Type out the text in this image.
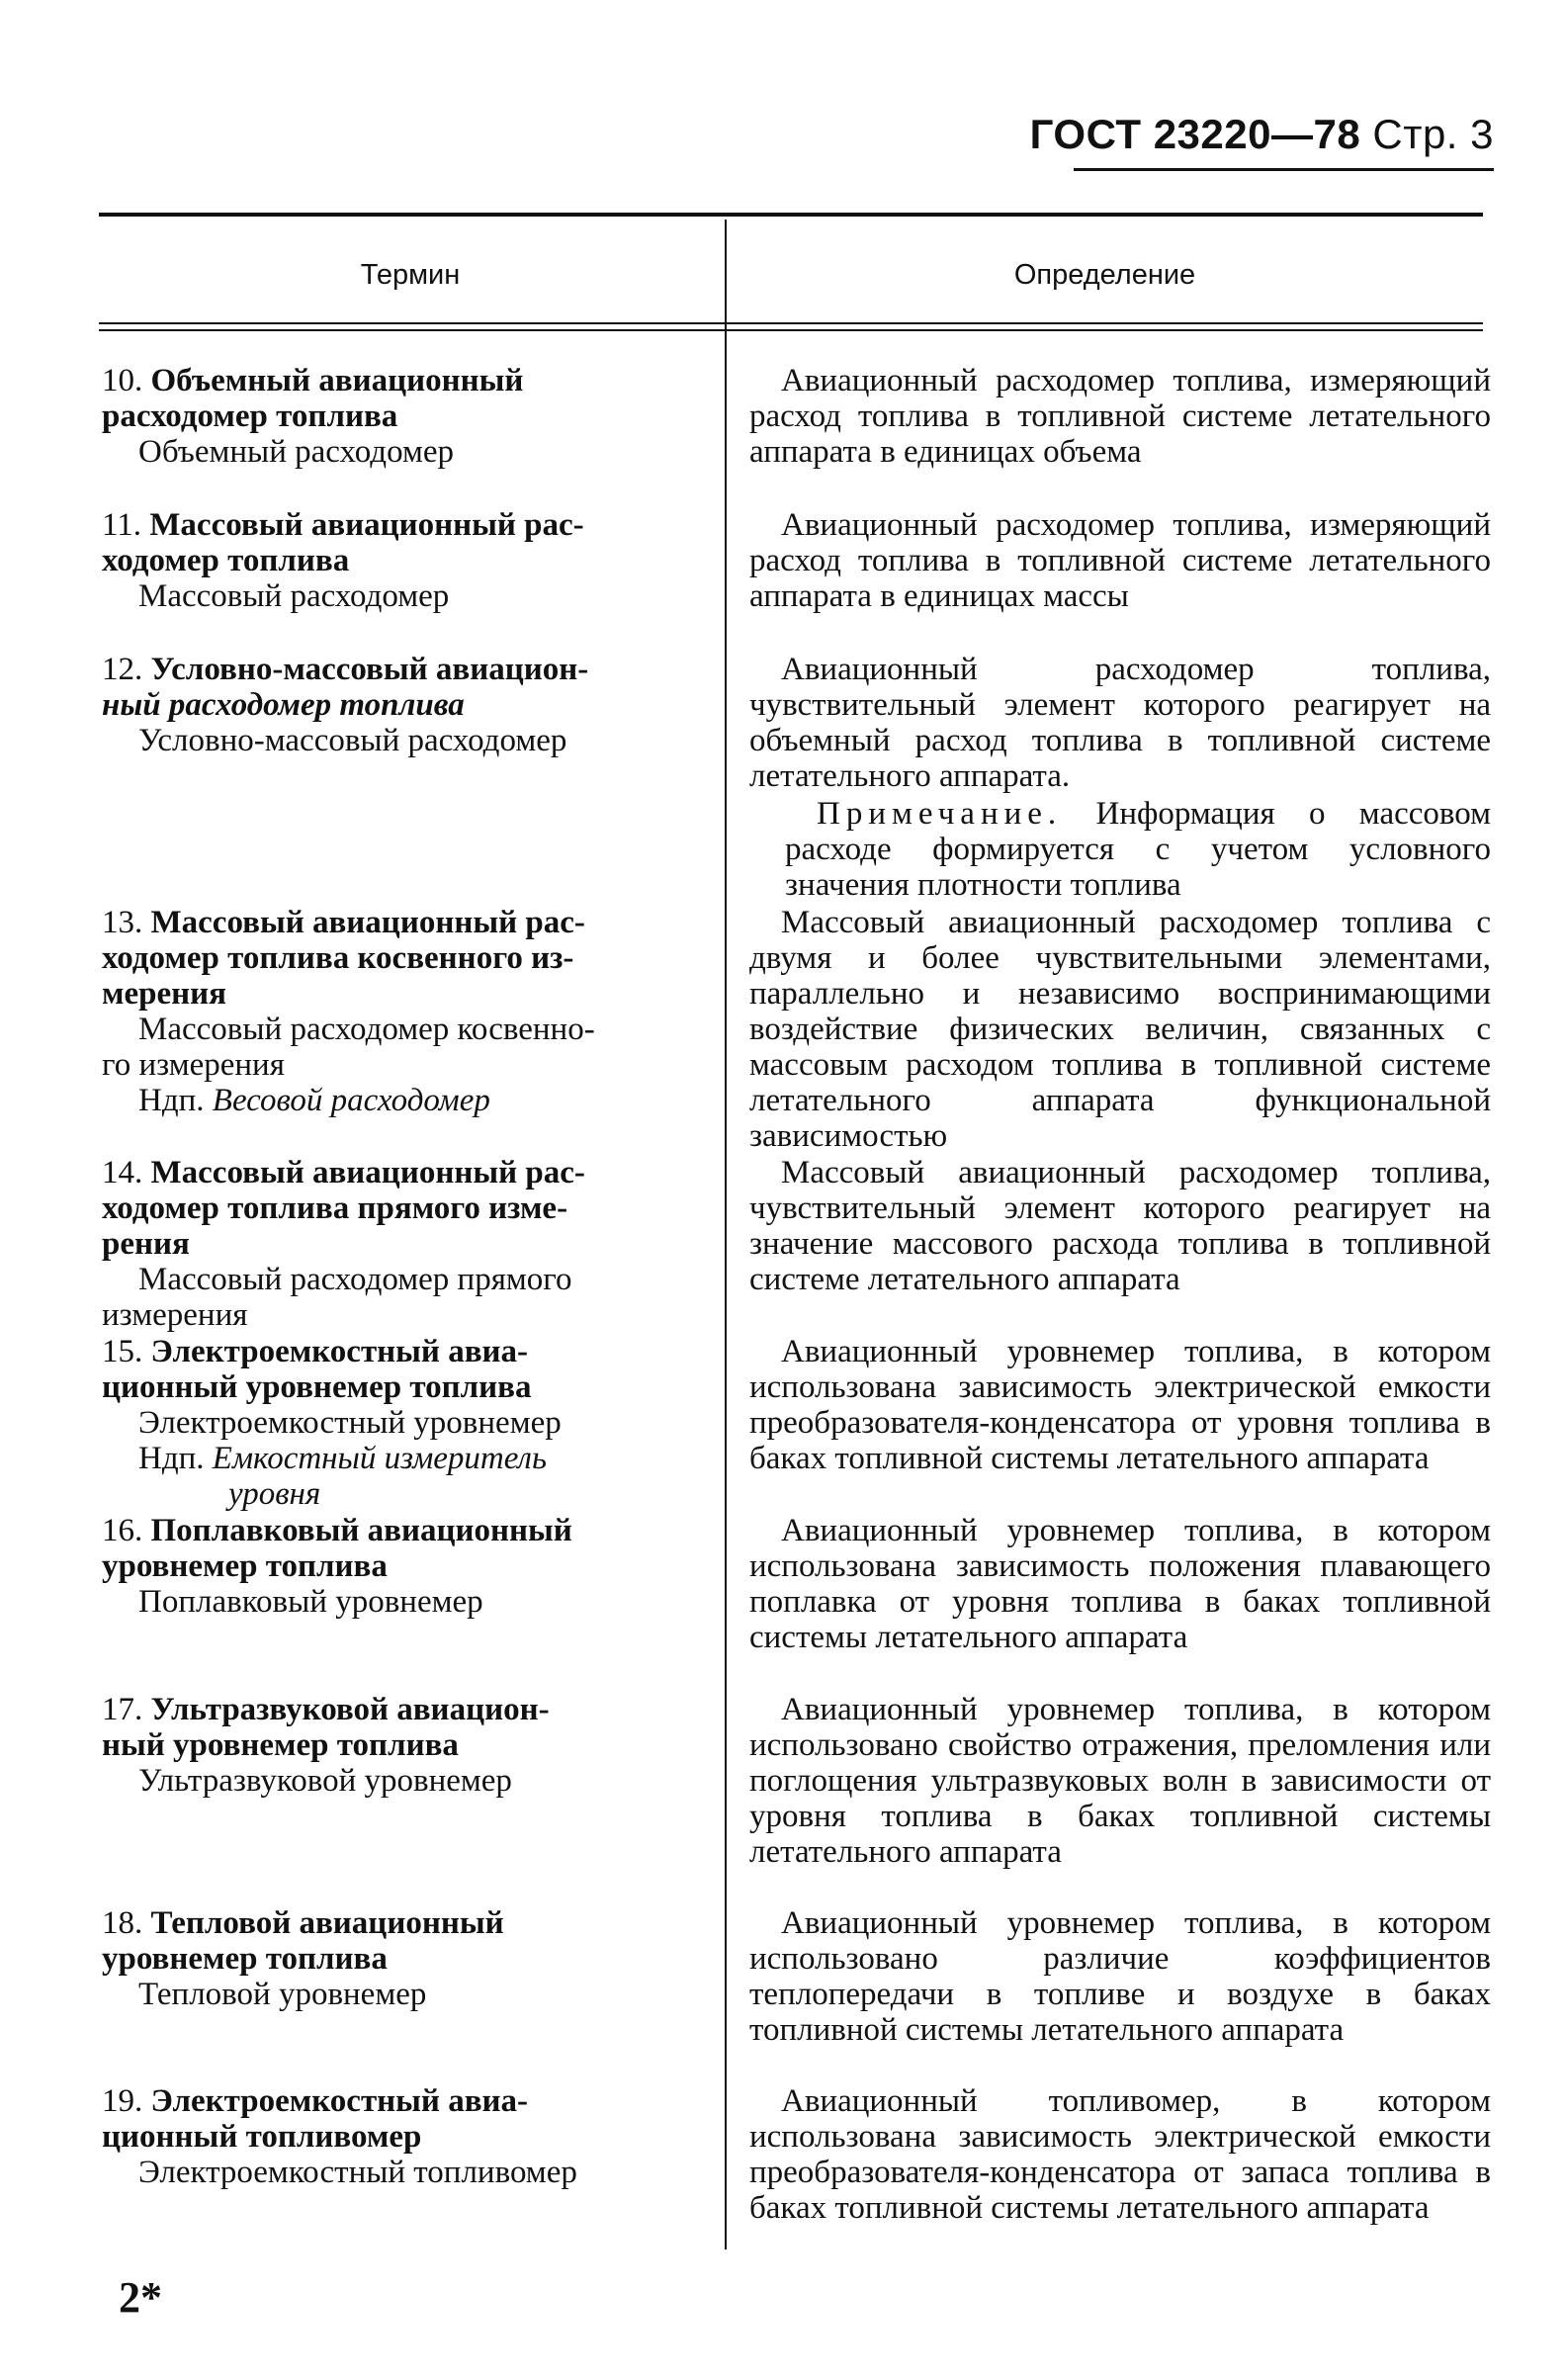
ГОСТ 23220—78 Стр. 3
Термин	Определение
10. Объемный авиационный
расходомер топлива
Объемный расходомер
Авиационный расходомер топлива, измеряющий расход топлива в топливной системе летательного аппарата в единицах объема
11. Массовый авиационный рас-
ходомер топлива
Массовый расходомер
Авиационный расходомер топлива, измеряющий расход топлива в топливной системе летательного аппарата в единицах массы
12. Условно-массовый авиацион-
ный расходомер топлива
Условно-массовый расходомер
Авиационный расходомер топлива, чувствительный элемент которого реагирует на объемный расход топлива в топливной системе летательного аппарата.
Примечание. Информация о массовом расходе формируется с учетом условного значения плотности топлива
13. Массовый авиационный рас-
ходомер топлива косвенного из-
мерения
Массовый расходомер косвенно-
го измерения
Ндп. Весовой расходомер
Массовый авиационный расходомер топлива с двумя и более чувствительными элементами, параллельно и независимо воспринимающими воздействие физических величин, связанных с массовым расходом топлива в топливной системе летательного аппарата функциональной зависимостью
14. Массовый авиационный рас-
ходомер топлива прямого изме-
рения
Массовый расходомер прямого
измерения
Массовый авиационный расходомер топлива, чувствительный элемент которого реагирует на значение массового расхода топлива в топливной системе летательного аппарата
15. Электроемкостный авиа-
ционный уровнемер топлива
Электроемкостный уровнемер
Ндп. Емкостный измеритель
уровня
Авиационный уровнемер топлива, в котором использована зависимость электрической емкости преобразователя-конденсатора от уровня топлива в баках топливной системы летательного аппарата
16. Поплавковый авиационный
уровнемер топлива
Поплавковый уровнемер
Авиационный уровнемер топлива, в котором использована зависимость положения плавающего поплавка от уровня топлива в баках топливной системы летательного аппарата
17. Ультразвуковой авиацион-
ный уровнемер топлива
Ультразвуковой уровнемер
Авиационный уровнемер топлива, в котором использовано свойство отражения, преломления или поглощения ультразвуковых волн в зависимости от уровня топлива в баках топливной системы летательного аппарата
18. Тепловой авиационный
уровнемер топлива
Тепловой уровнемер
Авиационный уровнемер топлива, в котором использовано различие коэффициентов теплопередачи в топливе и воздухе в баках топливной системы летательного аппарата
19. Электроемкостный авиа-
ционный топливомер
Электроемкостный топливомер
Авиационный топливомер, в котором использована зависимость электрической емкости преобразователя-конденсатора от запаса топлива в баках топливной системы летательного аппарата
2*
